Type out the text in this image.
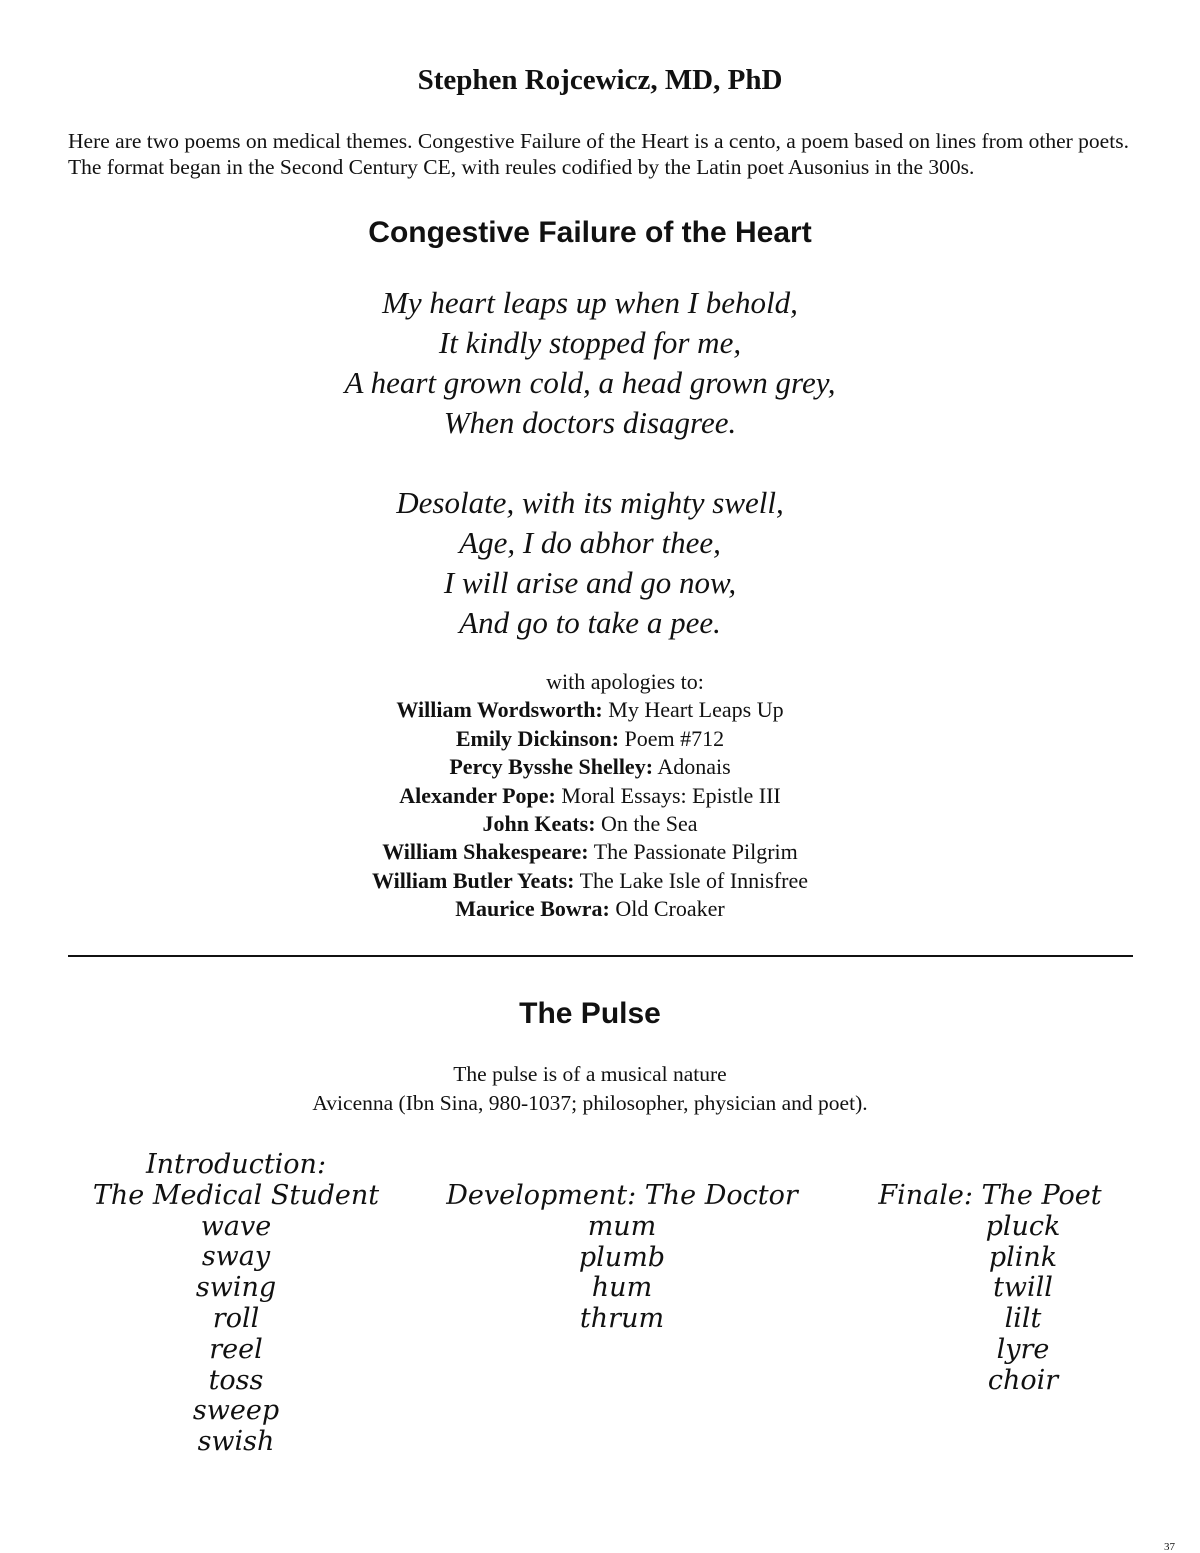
Stephen Rojcewicz, MD, PhD
Here are two poems on medical themes. Congestive Failure of the Heart is a cento, a poem based on lines from other poets. The format began in the Second Century CE, with reules codified by the Latin poet Ausonius in the 300s.
Congestive Failure of the Heart
My heart leaps up when I behold,
It kindly stopped for me,
A heart grown cold, a head grown grey,
When doctors disagree.
Desolate, with its mighty swell,
Age, I do abhor thee,
I will arise and go now,
And go to take a pee.
with apologies to:
William Wordsworth: My Heart Leaps Up
Emily Dickinson: Poem #712
Percy Bysshe Shelley: Adonais
Alexander Pope: Moral Essays: Epistle III
John Keats: On the Sea
William Shakespeare: The Passionate Pilgrim
William Butler Yeats: The Lake Isle of Innisfree
Maurice Bowra: Old Croaker
The Pulse
The pulse is of a musical nature
Avicenna (Ibn Sina, 980-1037; philosopher, physician and poet).
Introduction:
The Medical Student
wave
sway
swing
roll
reel
toss
sweep
swish
Development: The Doctor
mum
plumb
hum
thrum
Finale: The Poet
pluck
plink
twill
lilt
lyre
choir
37
